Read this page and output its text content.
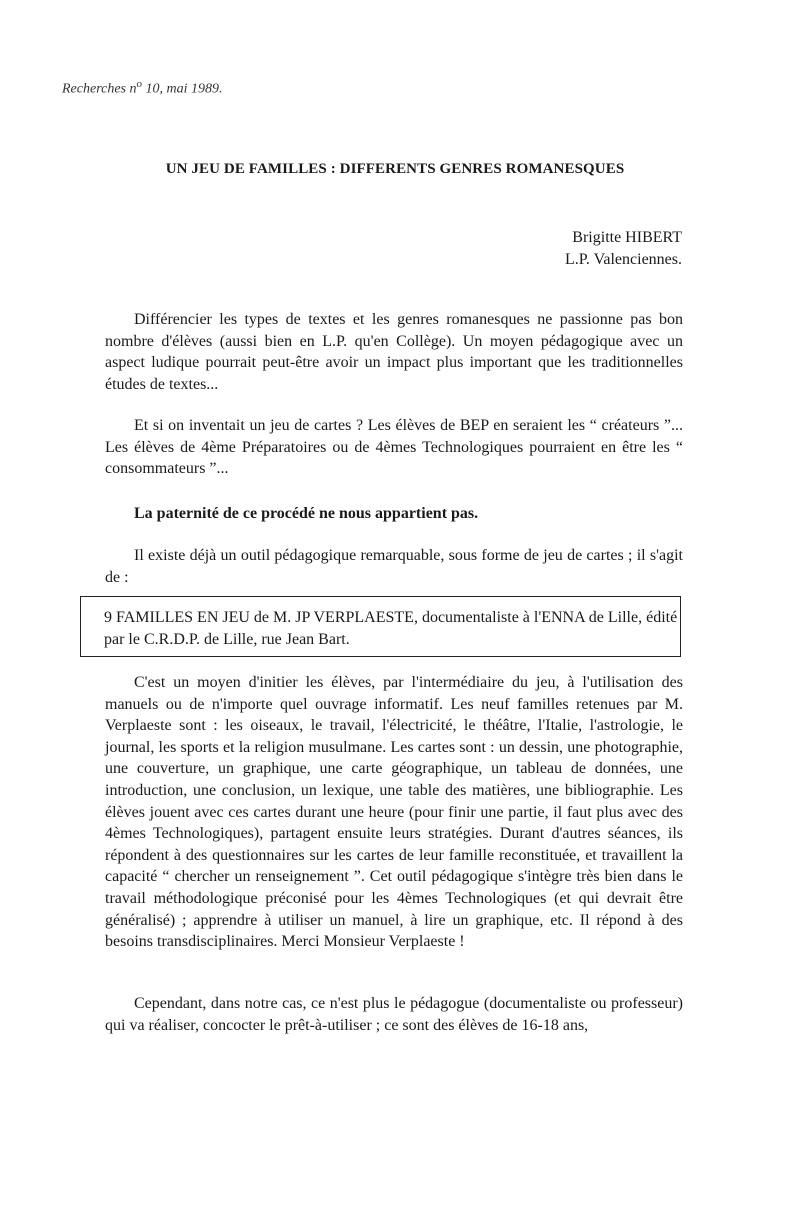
Recherches $n^o$ 10, mai 1989.
UN JEU DE FAMILLES : DIFFERENTS GENRES ROMANESQUES
Brigitte HIBERT
L.P. Valenciennes.
Différencier les types de textes et les genres romanesques ne passionne pas bon nombre d'élèves (aussi bien en L.P. qu'en Collège). Un moyen pédagogique avec un aspect ludique pourrait peut-être avoir un impact plus important que les traditionnelles études de textes...
Et si on inventait un jeu de cartes ? Les élèves de BEP en seraient les “ créateurs ”... Les élèves de 4ème Préparatoires ou de 4èmes Technologiques pourraient en être les “ consommateurs ”...
La paternité de ce procédé ne nous appartient pas.
Il existe déjà un outil pédagogique remarquable, sous forme de jeu de cartes ; il s'agit de :
9 FAMILLES EN JEU de M. JP VERPLAESTE, documentaliste à l'ENNA de Lille, édité par le C.R.D.P. de Lille, rue Jean Bart.
C'est un moyen d'initier les élèves, par l'intermédiaire du jeu, à l'utilisation des manuels ou de n'importe quel ouvrage informatif. Les neuf familles retenues par M. Verplaeste sont : les oiseaux, le travail, l'électricité, le théâtre, l'Italie, l'astrologie, le journal, les sports et la religion musulmane. Les cartes sont : un dessin, une photographie, une couverture, un graphique, une carte géographique, un tableau de données, une introduction, une conclusion, un lexique, une table des matières, une bibliographie. Les élèves jouent avec ces cartes durant une heure (pour finir une partie, il faut plus avec des 4èmes Technologiques), partagent ensuite leurs stratégies. Durant d'autres séances, ils répondent à des questionnaires sur les cartes de leur famille reconstituée, et travaillent la capacité “ chercher un renseignement ”. Cet outil pédagogique s'intègre très bien dans le travail méthodologique préconisé pour les 4èmes Technologiques (et qui devrait être généralisé) ; apprendre à utiliser un manuel, à lire un graphique, etc. Il répond à des besoins transdisciplinaires. Merci Monsieur Verplaeste !
Cependant, dans notre cas, ce n'est plus le pédagogue (documentaliste ou professeur) qui va réaliser, concocter le prêt-à-utiliser ; ce sont des élèves de 16-18 ans,
